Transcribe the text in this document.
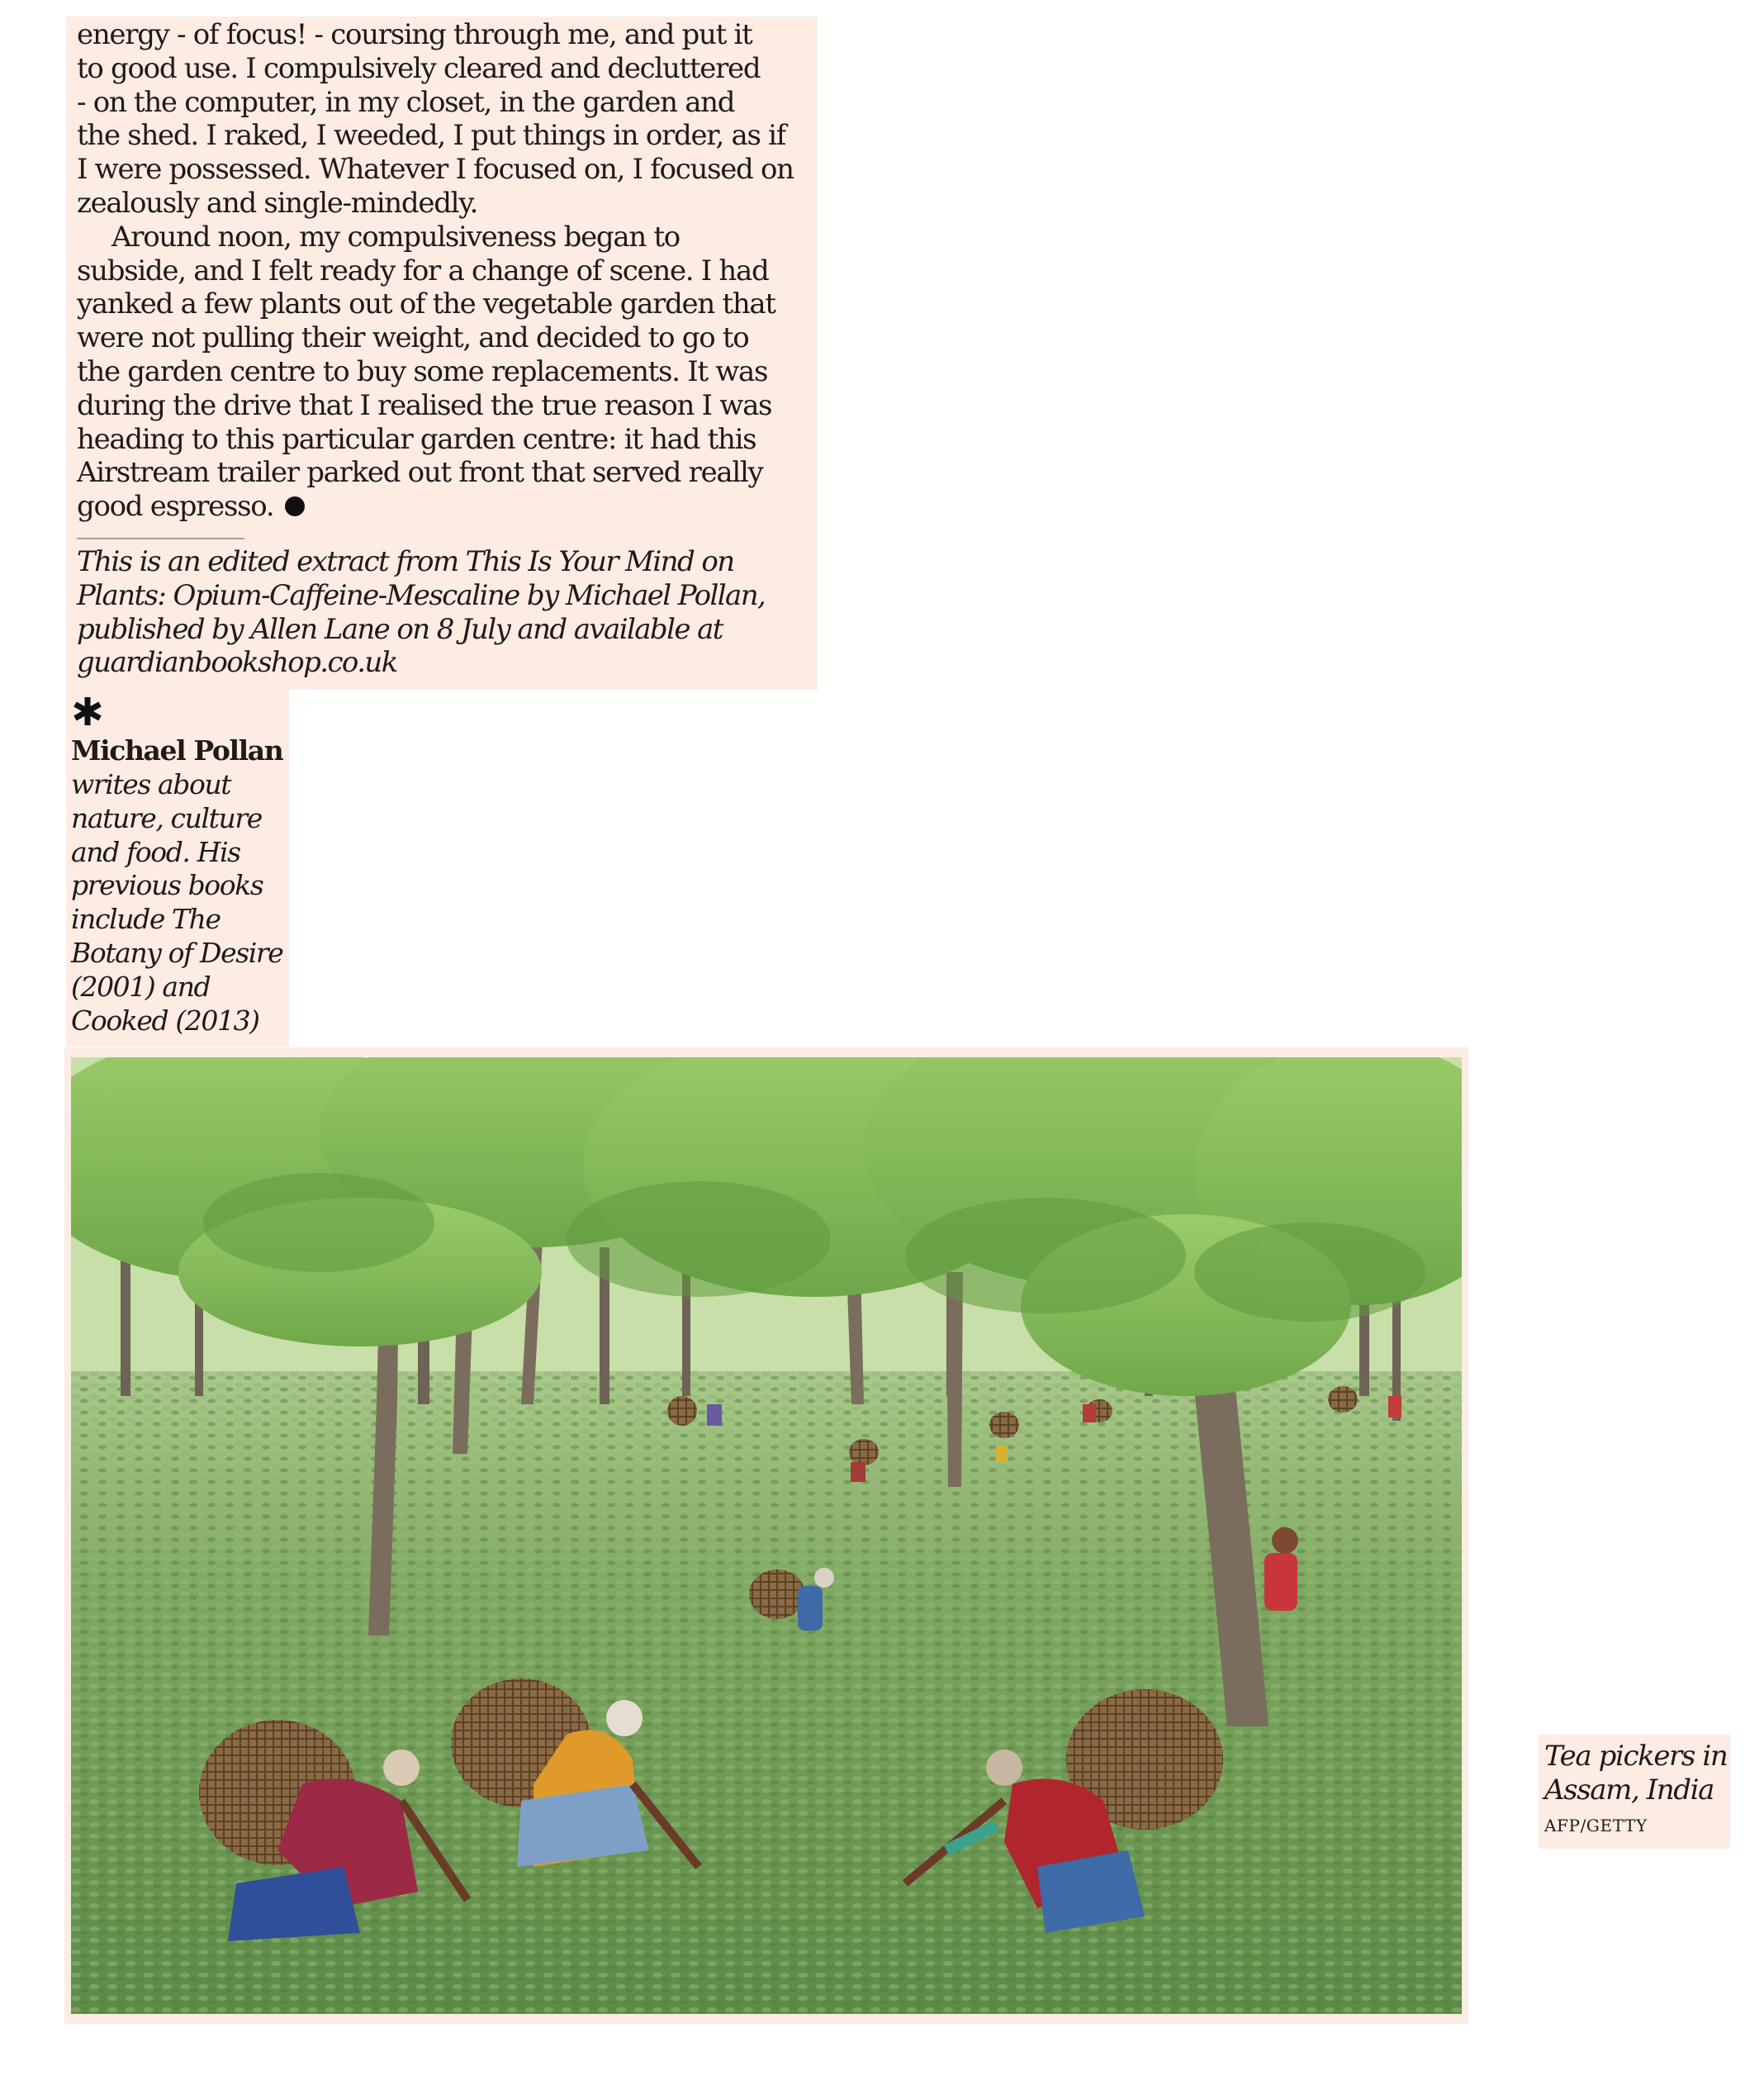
energy - of focus! - coursing through me, and put it
to good use. I compulsively cleared and decluttered
- on the computer, in my closet, in the garden and
the shed. I raked, I weeded, I put things in order, as if
I were possessed. Whatever I focused on, I focused on
zealously and single-mindedly.
Around noon, my compulsiveness began to
subside, and I felt ready for a change of scene. I had
yanked a few plants out of the vegetable garden that
were not pulling their weight, and decided to go to
the garden centre to buy some replacements. It was
during the drive that I realised the true reason I was
heading to this particular garden centre: it had this
Airstream trailer parked out front that served really
good espresso.
This is an edited extract from This Is Your Mind on
Plants: Opium-Caffeine-Mescaline by Michael Pollan,
published by Allen Lane on 8 July and available at
guardianbookshop.co.uk
Michael Pollan
writes about
nature, culture
and food. His
previous books
include The
Botany of Desire
(2001) and
Cooked (2013)
Tea pickers in
Assam, India
AFP/GETTY
